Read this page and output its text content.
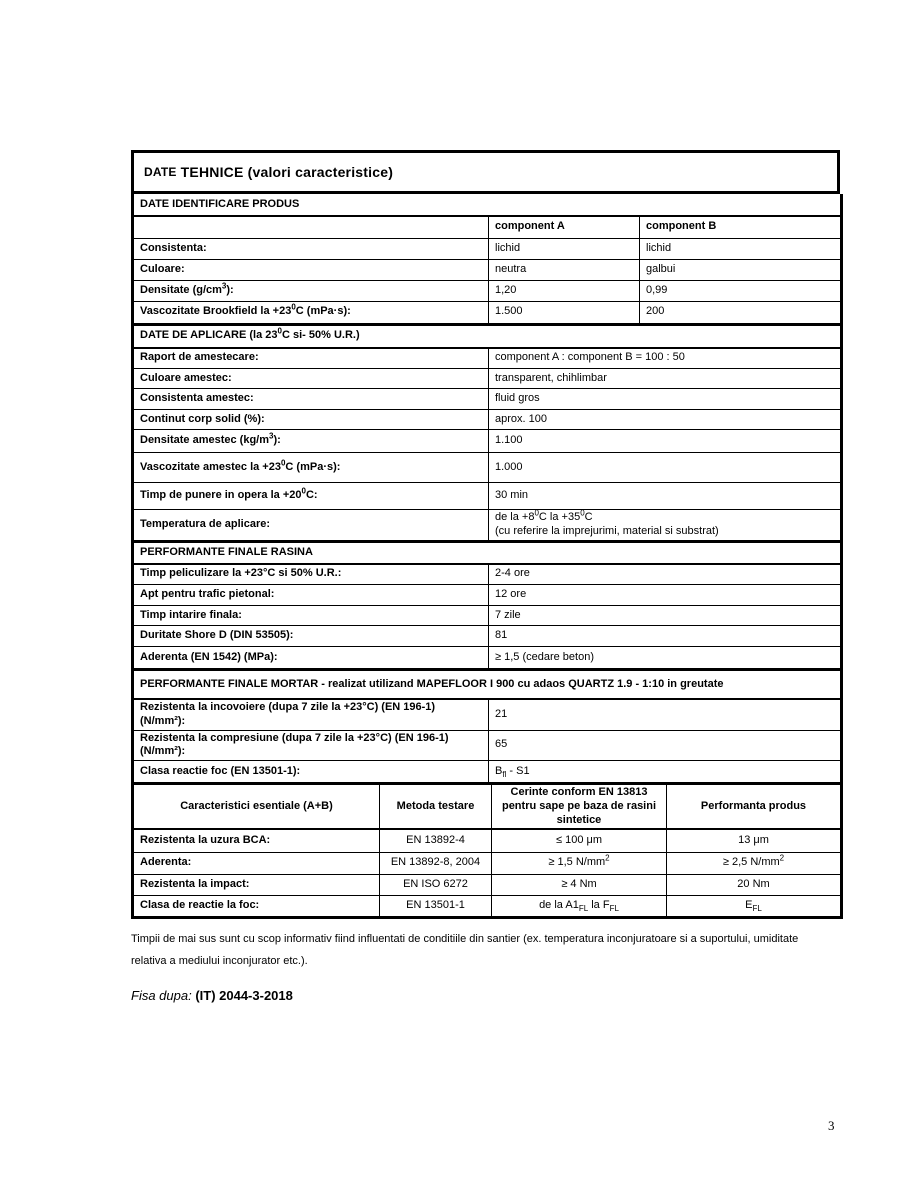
DATE TEHNICE (valori caracteristice)
DATE IDENTIFICARE PRODUS		
	component A	component B
Consistenta:	lichid	lichid
Culoare:	neutra	galbui
Densitate $(g/cm^3)$:	1,20	0,99
Vascozitate Brookfield la $+23^0C$ (mPa·s):	1.500	200
DATE DE APLICARE (la $23^0C$ si- 50% U.R.)	
Raport de amestecare:	component A : component B = 100 : 50
Culoare amestec:	transparent, chihlimbar
Consistenta amestec:	fluid gros
Continut corp solid (%):	aprox. 100
Densitate amestec $(kg/m^3)$:	1.100
Vascozitate amestec la $+23^0C$ (mPa·s):	1.000
Timp de punere in opera la $+20^0C$:	30 min
Temperatura de aplicare:	de la $+8^0C$ la $+35^0C$
(cu referire la imprejurimi, material si substrat)
PERFORMANTE FINALE RASINA	
Timp peliculizare la +23°C si 50% U.R.:	2-4 ore
Apt pentru trafic pietonal:	12 ore
Timp intarire finala:	7 zile
Duritate Shore D (DIN 53505):	81
Aderenta (EN 1542) (MPa):	≥ 1,5 (cedare beton)
PERFORMANTE FINALE MORTAR - realizat utilizand MAPEFLOOR I 900 cu adaos QUARTZ 1.9 - 1:10 in greutate	
Rezistenta la incovoiere (dupa 7 zile la +23°C) (EN 196-1) (N/mm²):	21
Rezistenta la compresiune (dupa 7 zile la +23°C) (EN 196-1) (N/mm²):	65
Clasa reactie foc (EN 13501-1):	$B_{fl} - S1$
Caracteristici esentiale (A+B)	Metoda testare	Cerinte conform EN 13813 pentru sape pe baza de rasini sintetice	Performanta produs
Rezistenta la uzura BCA:	EN 13892-4	≤ 100 μm	13 μm
Aderenta:	EN 13892-8, 2004	≥ 1,5 $N/mm^2$	≥ 2,5 $N/mm^2$
Rezistenta la impact:	EN ISO 6272	≥ 4 Nm	20 Nm
Clasa de reactie la foc:	EN 13501-1	de la $A1_{FL}$ la $F_{FL}$	$E_{FL}$
Timpii de mai sus sunt cu scop informativ fiind influentati de conditiile din santier (ex. temperatura inconjuratoare si a suportului, umiditate relativa a mediului inconjurator etc.).
Fisa dupa: (IT) 2044-3-2018
3
